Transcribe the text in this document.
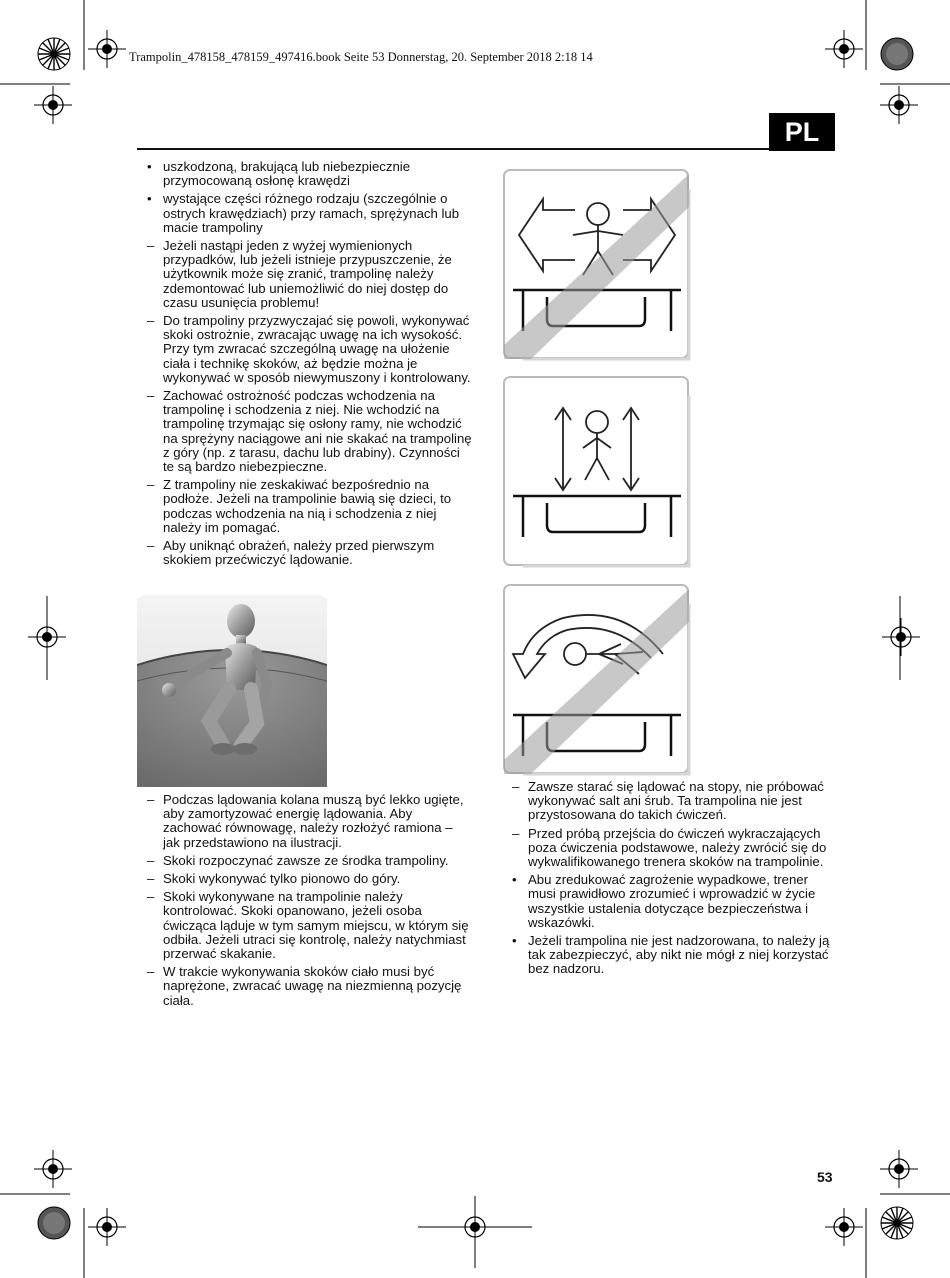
Trampolin_478158_478159_497416.book Seite 53 Donnerstag, 20. September 2018 2:18 14
PL
• uszkodzoną, brakującą lub niebezpiecznie przymocowaną osłonę krawędzi
• wystające części różnego rodzaju (szczególnie o ostrych krawędziach) przy ramach, sprężynach lub macie trampoliny
– Jeżeli nastąpi jeden z wyżej wymienionych przypadków, lub jeżeli istnieje przypuszczenie, że użytkownik może się zranić, trampolinę należy zdemontować lub uniemożliwić do niej dostęp do czasu usunięcia problemu!
– Do trampoliny przyzwyczajać się powoli, wykonywać skoki ostrożnie, zwracając uwagę na ich wysokość. Przy tym zwracać szczególną uwagę na ułożenie ciała i technikę skoków, aż będzie można je wykonywać w sposób niewymuszony i kontrolowany.
– Zachować ostrożność podczas wchodzenia na trampolinę i schodzenia z niej. Nie wchodzić na trampolinę trzymając się osłony ramy, nie wchodzić na sprężyny naciągowe ani nie skakać na trampolinę z góry (np. z tarasu, dachu lub drabiny). Czynności te są bardzo niebezpieczne.
– Z trampoliny nie zeskakiwać bezpośrednio na podłoże. Jeżeli na trampolinie bawią się dzieci, to podczas wchodzenia na nią i schodzenia z niej należy im pomagać.
– Aby uniknąć obrażeń, należy przed pierwszym skokiem przećwiczyć lądowanie.
– Podczas lądowania kolana muszą być lekko ugięte, aby zamortyzować energię lądowania. Aby zachować równowagę, należy rozłożyć ramiona – jak przedstawiono na ilustracji.
– Skoki rozpoczynać zawsze ze środka trampoliny.
– Skoki wykonywać tylko pionowo do góry.
– Skoki wykonywane na trampolinie należy kontrolować. Skoki opanowano, jeżeli osoba ćwicząca ląduje w tym samym miejscu, w którym się odbiła. Jeżeli utraci się kontrolę, należy natychmiast przerwać skakanie.
– W trakcie wykonywania skoków ciało musi być naprężone, zwracać uwagę na niezmienną pozycję ciała.
– Zawsze starać się lądować na stopy, nie próbować wykonywać salt ani śrub. Ta trampolina nie jest przystosowana do takich ćwiczeń.
– Przed próbą przejścia do ćwiczeń wykraczających poza ćwiczenia podstawowe, należy zwrócić się do wykwalifikowanego trenera skoków na trampolinie.
• Abu zredukować zagrożenie wypadkowe, trener musi prawidłowo zrozumieć i wprowadzić w życie wszystkie ustalenia dotyczące bezpieczeństwa i wskazówki.
• Jeżeli trampolina nie jest nadzorowana, to należy ją tak zabezpieczyć, aby nikt nie mógł z niej korzystać bez nadzoru.
53
